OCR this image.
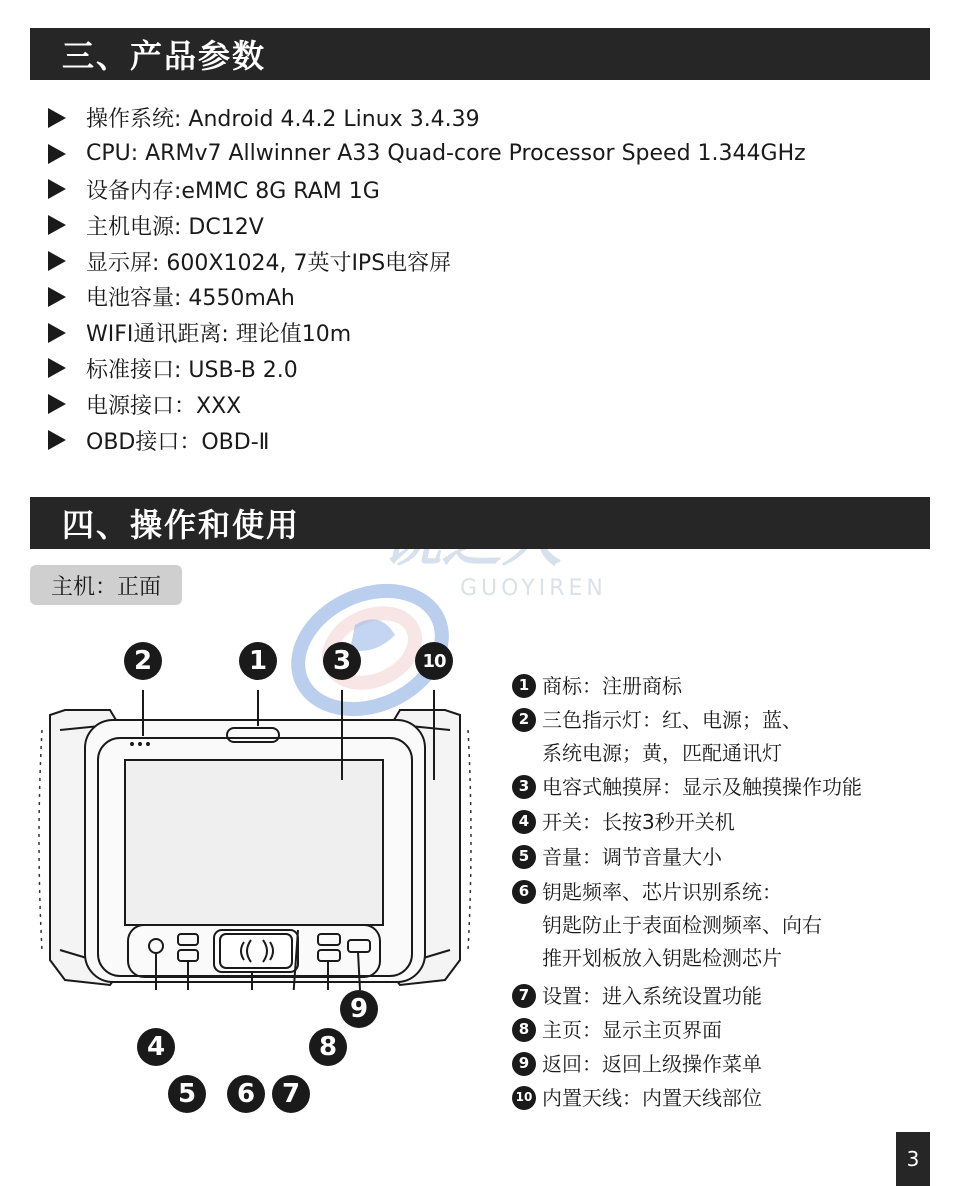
三、产品参数
操作系统: Android 4.4.2 Linux 3.4.39
CPU: ARMv7 Allwinner A33 Quad-core Processor Speed 1.344GHz
设备内存:eMMC 8G RAM 1G
主机电源: DC12V
显示屏: 600X1024, 7英寸IPS电容屏
电池容量: 4550mAh
WIFI通讯距离: 理论值10m
标准接口: USB-B 2.0
电源接口：XXX
OBD接口：OBD-Ⅱ
GUOYIREN
四、操作和使用
主机：正面
2	1	3	10
9
4	8
5	6	7
1 商标：注册商标
2 三色指示灯：红、电源；蓝、
系统电源；黄，匹配通讯灯
3 电容式触摸屏：显示及触摸操作功能
4 开关：长按3秒开关机
5 音量：调节音量大小
6 钥匙频率、芯片识别系统：
钥匙防止于表面检测频率、向右
推开划板放入钥匙检测芯片
7 设置：进入系统设置功能
8 主页：显示主页界面
9 返回：返回上级操作菜单
10 内置天线：内置天线部位
3
